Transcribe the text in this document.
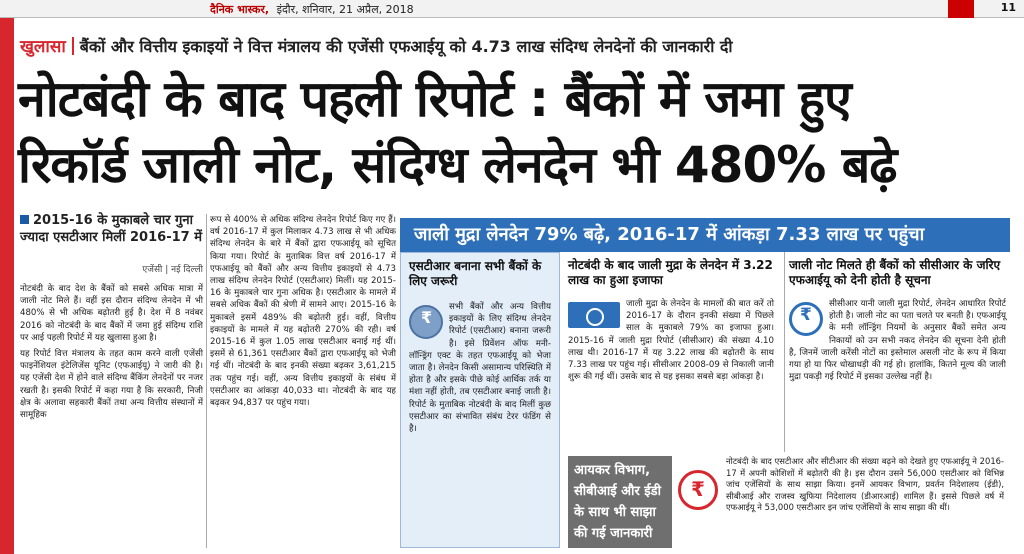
दैनिक भास्कर, इंदौर, शनिवार, 21 अप्रैल, 2018	11
खुलासा बैंकों और वित्तीय इकाइयों ने वित्त मंत्रालय की एजेंसी एफआईयू को 4.73 लाख संदिग्ध लेनदेनों की जानकारी दी
नोटबंदी के बाद पहली रिपोर्ट : बैंकों में जमा हुए
रिकॉर्ड जाली नोट, संदिग्ध लेनदेन भी 480% बढ़े
2015-16 के मुकाबले चार गुना ज्यादा एसटीआर मिलीं 2016-17 में
एजेंसी | नई दिल्ली

नोटबंदी के बाद देश के बैंकों को सबसे अधिक मात्रा में जाली नोट मिले हैं। वहीं इस दौरान संदिग्ध लेनदेन में भी 480% से भी अधिक बढ़ोतरी हुई है। देश में 8 नवंबर 2016 को नोटबंदी के बाद बैंकों में जमा हुई संदिग्ध राशि पर आई पहली रिपोर्ट में यह खुलासा हुआ है।

यह रिपोर्ट वित्त मंत्रालय के तहत काम करने वाली एजेंसी फाइनेंशियल इंटेलिजेंस यूनिट (एफआईयू) ने जारी की है। यह एजेंसी देश में होने वाले संदिग्ध बैंकिंग लेनदेनों पर नजर रखती है। इसकी रिपोर्ट में कहा गया है कि सरकारी, निजी क्षेत्र के अलावा सहकारी बैंकों तथा अन्य वित्तीय संस्थानों में सामूहिक

रूप से 400% से अधिक संदिग्ध लेनदेन रिपोर्ट किए गए हैं। वर्ष 2016-17 में कुल मिलाकर 4.73 लाख से भी अधिक संदिग्ध लेनदेन के बारे में बैंकों द्वारा एफआईयू को सूचित किया गया। रिपोर्ट के मुताबिक वित्त वर्ष 2016-17 में एफआईयू को बैंकों और अन्य वित्तीय इकाइयों से 4.73 लाख संदिग्ध लेनदेन रिपोर्ट (एसटीआर) मिलीं। यह 2015-16 के मुकाबले चार गुना अधिक है। एसटीआर के मामले में सबसे अधिक बैंकों की श्रेणी में सामने आए। 2015-16 के मुकाबले इसमें 489% की बढ़ोतरी हुई। वहीं, वित्तीय इकाइयों के मामले में यह बढ़ोतरी 270% की रही। वर्ष 2015-16 में कुल 1.05 लाख एसटीआर बनाई गई थीं। इसमें से 61,361 एसटीआर बैंकों द्वारा एफआईयू को भेजी गई थीं। नोटबंदी के बाद इनकी संख्या बढ़कर 3,61,215 तक पहुंच गई। वहीं, अन्य वित्तीय इकाइयों के संबंध में एसटीआर का आंकड़ा 40,033 था। नोटबंदी के बाद यह बढ़कर 94,837 पर पहुंच गया।

जाली मुद्रा लेनदेन 79% बढ़े, 2016-17 में आंकड़ा 7.33 लाख पर पहुंचा
एसटीआर बनाना सभी बैंकों के लिए जरूरी

₹
सभी बैंकों और अन्य वित्तीय इकाइयों के लिए संदिग्ध लेनदेन रिपोर्ट (एसटीआर) बनाना जरूरी है। इसे प्रिवेंशन ऑफ मनी-लॉन्ड्रिंग एक्ट के तहत एफआईयू को भेजा जाता है। लेनदेन किसी असामान्य परिस्थिति में होता है और इसके पीछे कोई आर्थिक तर्क या मंशा नहीं होती, तब एसटीआर बनाई जाती है। रिपोर्ट के मुताबिक नोटबंदी के बाद मिलीं कुछ एसटीआर का संभावित संबंध टेरर फंडिंग से है।

नोटबंदी के बाद जाली मुद्रा के लेनदेन में 3.22 लाख का हुआ इजाफा

जाली मुद्रा के लेनदेन के मामलों की बात करें तो 2016-17 के दौरान इनकी संख्या में पिछले साल के मुकाबले 79% का इजाफा हुआ। 2015-16 में जाली मुद्रा रिपोर्ट (सीसीआर) की संख्या 4.10 लाख थी। 2016-17 में यह 3.22 लाख की बढ़ोतरी के साथ 7.33 लाख पर पहुंच गई। सीसीआर 2008-09 से निकाली जानी शुरू की गई थीं। उसके बाद से यह इसका सबसे बड़ा आंकड़ा है।

जाली नोट मिलते ही बैंकों को सीसीआर के जरिए एफआईयू को देनी होती है सूचना

₹
सीसीआर यानी जाली मुद्रा रिपोर्ट, लेनदेन आधारित रिपोर्ट होती है। जाली नोट का पता चलते पर बनती है। एफआईयू के मनी लॉन्ड्रिंग नियमों के अनुसार बैंकों समेत अन्य निकायों को उन सभी नकद लेनदेन की सूचना देनी होती है, जिनमें जाली करेंसी नोटों का इस्तेमाल असली नोट के रूप में किया गया हो या फिर धोखाधड़ी की गई हो। हालांकि, कितने मूल्य की जाली मुद्रा पकड़ी गई रिपोर्ट में इसका उल्लेख नहीं है।

आयकर विभाग, सीबीआई और ईडी के साथ भी साझा की गई जानकारी
₹

नोटबंदी के बाद एसटीआर और सीटीआर की संख्या बढ़ने को देखते हुए एफआईयू ने 2016-17 में अपनी कोशिशों में बढ़ोतरी की है। इस दौरान उसने 56,000 एसटीआर को विभिन्न जांच एजेंसियों के साथ साझा किया। इनमें आयकर विभाग, प्रवर्तन निदेशालय (ईडी), सीबीआई और राजस्व खुफिया निदेशालय (डीआरआई) शामिल हैं। इससे पिछले वर्ष में एफआईयू ने 53,000 एसटीआर इन जांच एजेंसियों के साथ साझा की थीं।
